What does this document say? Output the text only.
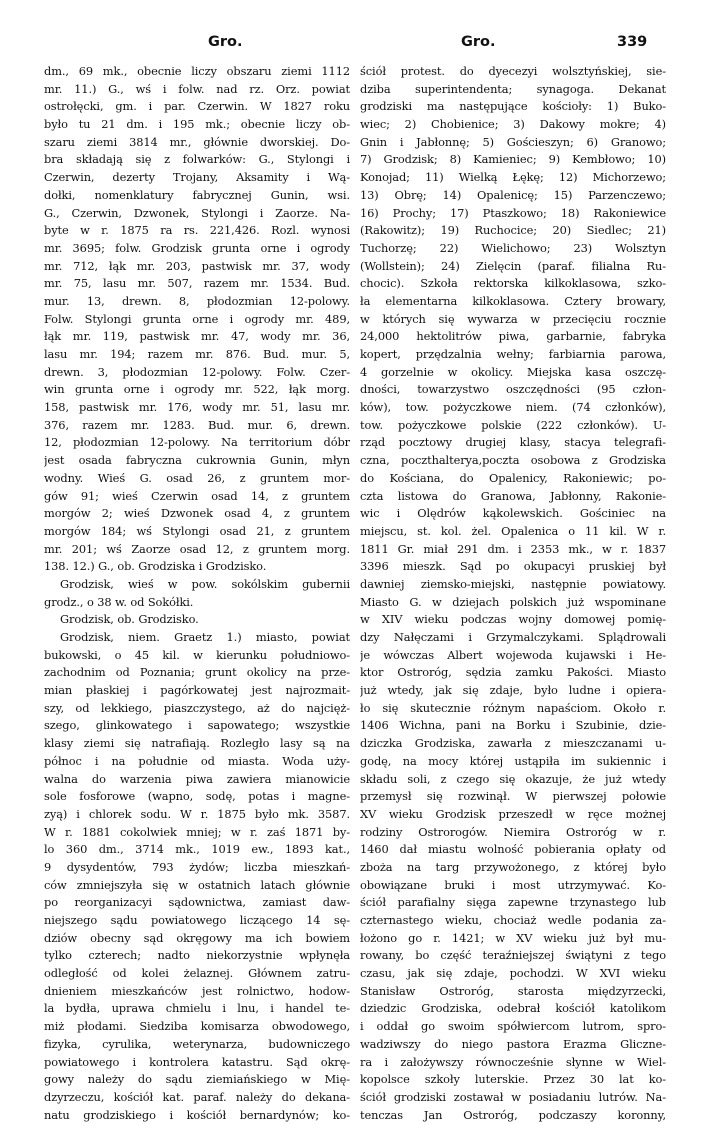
Gro.	Gro.	339
dm., 69 mk., obecnie liczy obszaru ziemi 1112
mr. 11.) G., wś i folw. nad rz. Orz. powiat
ostrołęcki, gm. i par. Czerwin. W 1827 roku
było tu 21 dm. i 195 mk.; obecnie liczy ob-
szaru ziemi 3814 mr., głównie dworskiej. Do-
bra składają się z folwarków: G., Stylongi i
Czerwin, dezerty Trojany, Aksamity i Wą-
dołki, nomenklatury fabrycznej Gunin, wsi.
G., Czerwin, Dzwonek, Stylongi i Zaorze. Na-
byte w r. 1875 ra rs. 221,426. Rozl. wynosi
mr. 3695; folw. Grodzisk grunta orne i ogrody
mr. 712, łąk mr. 203, pastwisk mr. 37, wody
mr. 75, lasu mr. 507, razem mr. 1534. Bud.
mur. 13, drewn. 8, płodozmian 12-polowy.
Folw. Stylongi grunta orne i ogrody mr. 489,
łąk mr. 119, pastwisk mr. 47, wody mr. 36,
lasu mr. 194; razem mr. 876. Bud. mur. 5,
drewn. 3, płodozmian 12-polowy. Folw. Czer-
win grunta orne i ogrody mr. 522, łąk morg.
158, pastwisk mr. 176, wody mr. 51, lasu mr.
376, razem mr. 1283. Bud. mur. 6, drewn.
12, płodozmian 12-polowy. Na territorium dóbr
jest osada fabryczna cukrownia Gunin, młyn
wodny. Wieś G. osad 26, z gruntem mor-
gów 91; wieś Czerwin osad 14, z gruntem
morgów 2; wieś Dzwonek osad 4, z gruntem
morgów 184; wś Stylongi osad 21, z gruntem
mr. 201; wś Zaorze osad 12, z gruntem morg.
138. 12.) G., ob. Grodziska i Grodzisko.
Grodzisk, wieś w pow. sokólskim gubernii
grodz., o 38 w. od Sokółki.
Grodzisk, ob. Grodzisko.
Grodzisk, niem. Graetz 1.) miasto, powiat
bukowski, o 45 kil. w kierunku południowo-
zachodnim od Poznania; grunt okolicy na prze-
mian płaskiej i pagórkowatej jest najrozmait-
szy, od lekkiego, piaszczystego, aż do najcięż-
szego, glinkowatego i sapowatego; wszystkie
klasy ziemi się natrafiają. Rozległo lasy są na
północ i na południe od miasta. Woda uży-
walna do warzenia piwa zawiera mianowicie
sole fosforowe (wapno, sodę, potas i magne-
zyą) i chlorek sodu. W r. 1875 było mk. 3587.
W r. 1881 cokolwiek mniej; w r. zaś 1871 by-
lo 360 dm., 3714 mk., 1019 ew., 1893 kat.,
9 dysydentów, 793 żydów; liczba mieszkań-
ców zmniejszyła się w ostatnich latach głównie
po reorganizacyi sądownictwa, zamiast daw-
niejszego sądu powiatowego liczącego 14 sę-
dziów obecny sąd okręgowy ma ich bowiem
tylko czterech; nadto niekorzystnie wpłynęła
odległość od kolei żelaznej. Głównem zatru-
dnieniem mieszkańców jest rolnictwo, hodow-
la bydła, uprawa chmielu i lnu, i handel te-
miż płodami. Siedziba komisarza obwodowego,
fizyka, cyrulika, weterynarza, budowniczego
powiatowego i kontrolera katastru. Sąd okrę-
gowy należy do sądu ziemiańskiego w Mię-
dzyrzeczu, kościół kat. paraf. należy do dekana-
natu grodziskiego i kościół bernardynów; ko-
ściół protest. do dyecezyi wolsztyńskiej, sie-
dziba superintendenta; synagoga. Dekanat
grodziski ma następujące kościoły: 1) Buko-
wiec; 2) Chobienice; 3) Dakowy mokre; 4)
Gnin i Jabłonnę; 5) Gościeszyn; 6) Granowo;
7) Grodzisk; 8) Kamieniec; 9) Kembłowo; 10)
Konojad; 11) Wielką Łękę; 12) Michorzewo;
13) Obrę; 14) Opalenicę; 15) Parzenczewo;
16) Prochy; 17) Ptaszkowo; 18) Rakoniewice
(Rakowitz); 19) Ruchocice; 20) Siedlec; 21)
Tuchorzę; 22) Wielichowo; 23) Wolsztyn
(Wollstein); 24) Zielęcin (paraf. filialna Ru-
chocic). Szkoła rektorska kilkoklasowa, szko-
ła elementarna kilkoklasowa. Cztery browary,
w których się wywarza w przecięciu rocznie
24,000 hektolitrów piwa, garbarnie, fabryka
kopert, przędzalnia wełny; farbiarnia parowa,
4 gorzelnie w okolicy. Miejska kasa oszczę-
dności, towarzystwo oszczędności (95 człon-
ków), tow. pożyczkowe niem. (74 członków),
tow. pożyczkowe polskie (222 członków). U-
rząd pocztowy drugiej klasy, stacya telegrafi-
czna, poczthalterya,poczta osobowa z Grodziska
do Kościana, do Opalenicy, Rakoniewic; po-
czta listowa do Granowa, Jabłonny, Rakonie-
wic i Olędrów kąkolewskich. Gościniec na
miejscu, st. kol. żel. Opalenica o 11 kil. W r.
1811 Gr. miał 291 dm. i 2353 mk., w r. 1837
3396 mieszk. Sąd po okupacyi pruskiej był
dawniej ziemsko-miejski, następnie powiatowy.
Miasto G. w dziejach polskich już wspominane
w XIV wieku podczas wojny domowej pomię-
dzy Nałęczami i Grzymalczykami. Splądrowali
je wówczas Albert wojewoda kujawski i He-
ktor Ostroróg, sędzia zamku Pakości. Miasto
już wtedy, jak się zdaje, było ludne i opiera-
ło się skutecznie różnym napaściom. Około r.
1406 Wichna, pani na Borku i Szubinie, dzie-
dziczka Grodziska, zawarła z mieszczanami u-
godę, na mocy której ustąpiła im sukiennic i
składu soli, z czego się okazuje, że już wtedy
przemysł się rozwinął. W pierwszej połowie
XV wieku Grodzisk przeszedł w ręce możnej
rodziny Ostrorogów. Niemira Ostroróg w r.
1460 dał miastu wolność pobierania opłaty od
zboża na targ przywożonego, z której było
obowiązane bruki i most utrzymywać. Ko-
ściół parafialny sięga zapewne trzynastego lub
czternastego wieku, chociaż wedle podania za-
łożono go r. 1421; w XV wieku już był mu-
rowany, bo część teraźniejszej świątyni z tego
czasu, jak się zdaje, pochodzi. W XVI wieku
Stanisław Ostroróg, starosta międzyrzecki,
dziedzic Grodziska, odebrał kościół katolikom
i oddał go swoim spółwiercom lutrom, spro-
wadziwszy do niego pastora Erazma Gliczne-
ra i założywszy równocześnie słynne w Wiel-
kopolsce szkoły luterskie. Przez 30 lat ko-
ściół grodziski zostawał w posiadaniu lutrów. Na-
tenczas Jan Ostroróg, podczaszy koronny,
